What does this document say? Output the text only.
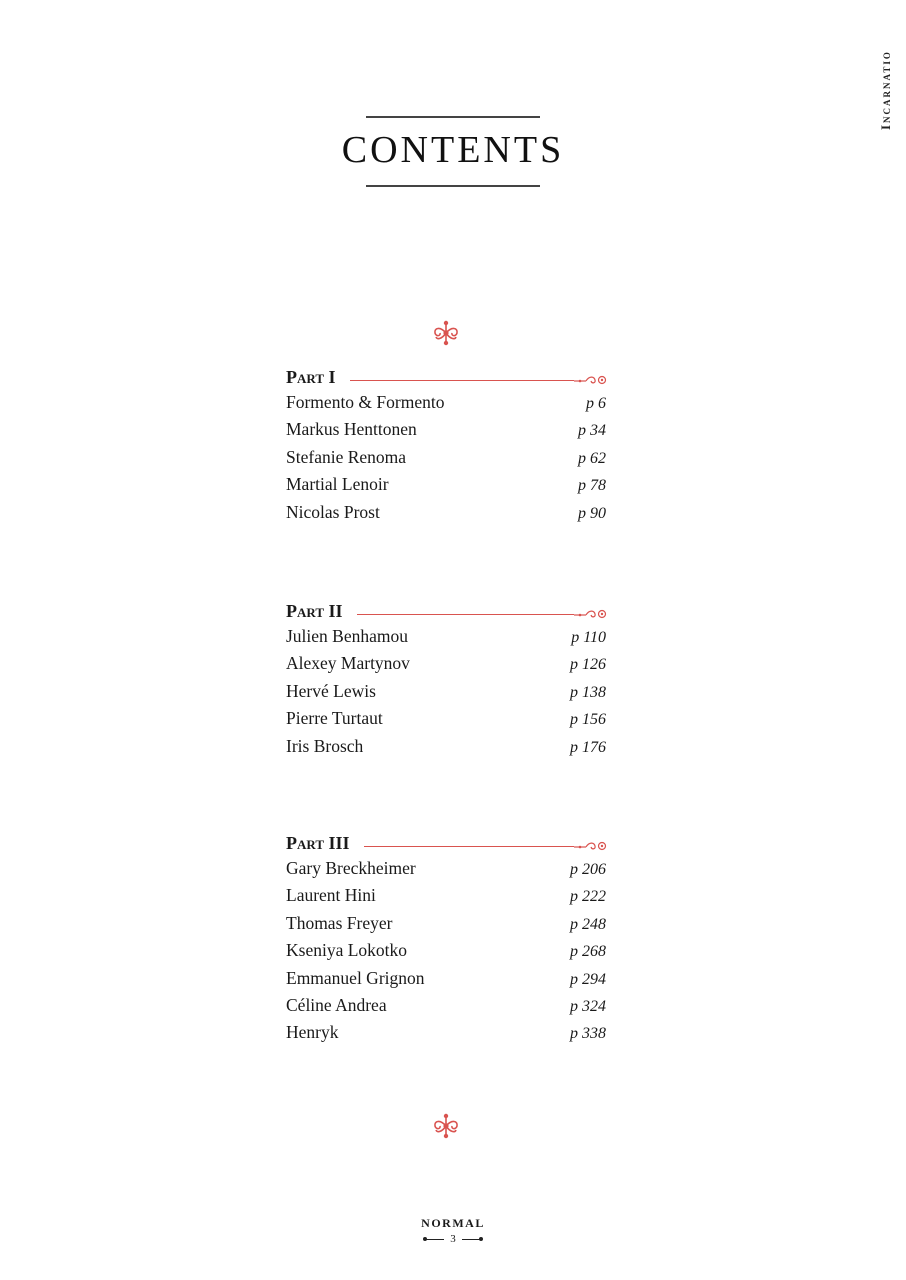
Incarnatio
CONTENTS
Part I
Formento & Formento	p 6
Markus Henttonen	p 34
Stefanie Renoma	p 62
Martial Lenoir	p 78
Nicolas Prost	p 90
Part II
Julien Benhamou	p 110
Alexey Martynov	p 126
Hervé Lewis	p 138
Pierre Turtaut	p 156
Iris Brosch	p 176
Part III
Gary Breckheimer	p 206
Laurent Hini	p 222
Thomas Freyer	p 248
Kseniya Lokotko	p 268
Emmanuel Grignon	p 294
Céline Andrea	p 324
Henryk	p 338
NORMAL
3
